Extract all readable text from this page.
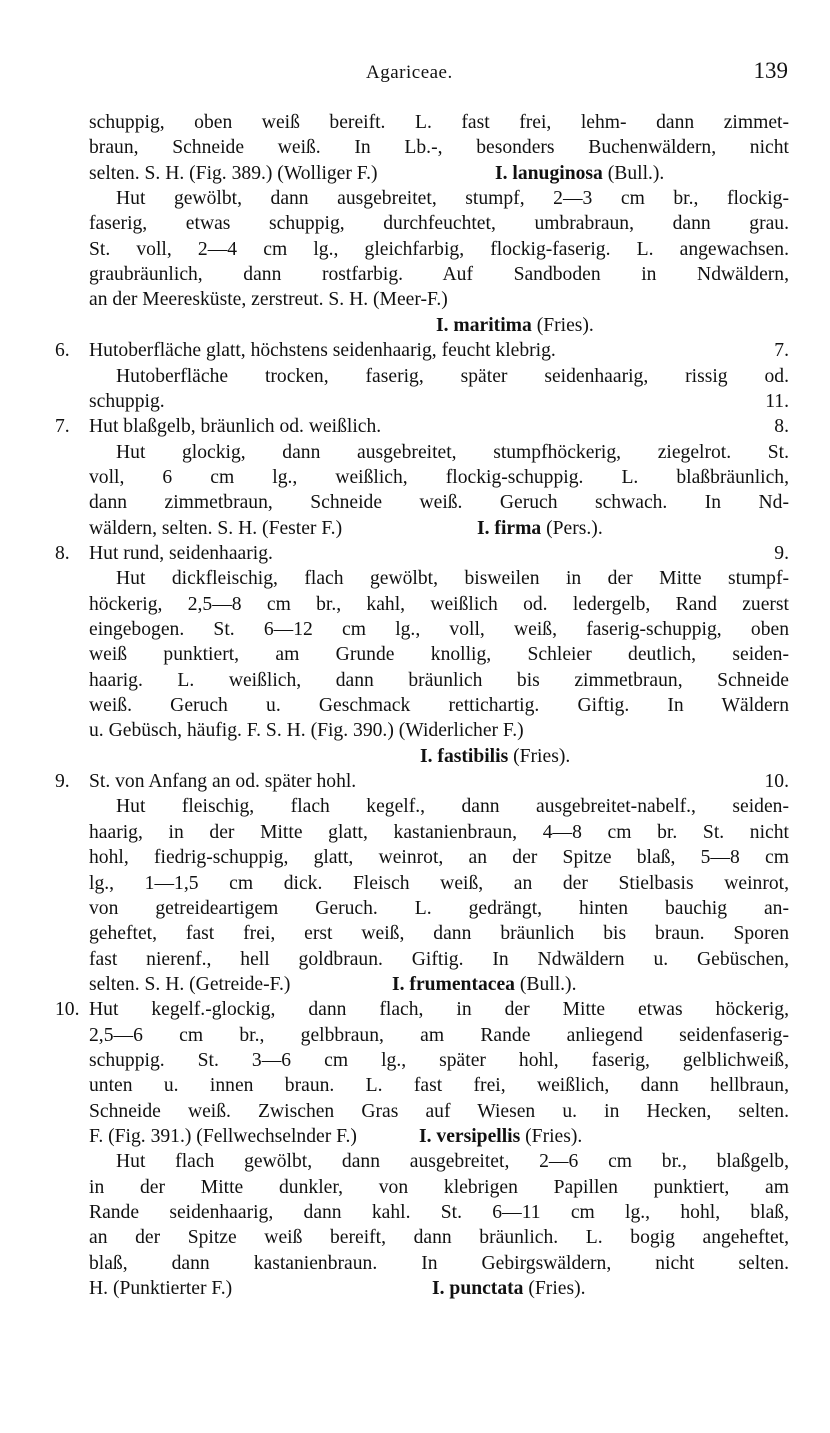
Agariceae.	139
schuppig, oben weiß bereift. L. fast frei, lehm- dann zimmet-
braun, Schneide weiß. In Lb.-, besonders Buchenwäldern, nicht
selten. S. H. (Fig. 389.) (Wolliger F.)	I. lanuginosa (Bull.).
Hut gewölbt, dann ausgebreitet, stumpf, 2—3 cm br., flockig-
faserig, etwas schuppig, durchfeuchtet, umbrabraun, dann grau.
St. voll, 2—4 cm lg., gleichfarbig, flockig-faserig. L. angewachsen.
graubräunlich, dann rostfarbig. Auf Sandboden in Ndwäldern,
an der Meeresküste, zerstreut. S. H. (Meer-F.)
I. maritima (Fries).
6. Hutoberfläche glatt, höchstens seidenhaarig, feucht klebrig.	7.
Hutoberfläche trocken, faserig, später seidenhaarig, rissig od.
schuppig.	11.
7. Hut blaßgelb, bräunlich od. weißlich.	8.
Hut glockig, dann ausgebreitet, stumpfhöckerig, ziegelrot. St.
voll, 6 cm lg., weißlich, flockig-schuppig. L. blaßbräunlich,
dann zimmetbraun, Schneide weiß. Geruch schwach. In Nd-
wäldern, selten. S. H. (Fester F.)	I. firma (Pers.).
8. Hut rund, seidenhaarig.	9.
Hut dickfleischig, flach gewölbt, bisweilen in der Mitte stumpf-
höckerig, 2,5—8 cm br., kahl, weißlich od. ledergelb, Rand zuerst
eingebogen. St. 6—12 cm lg., voll, weiß, faserig-schuppig, oben
weiß punktiert, am Grunde knollig, Schleier deutlich, seiden-
haarig. L. weißlich, dann bräunlich bis zimmetbraun, Schneide
weiß. Geruch u. Geschmack rettichartig. Giftig. In Wäldern
u. Gebüsch, häufig. F. S. H. (Fig. 390.) (Widerlicher F.)
I. fastibilis (Fries).
9. St. von Anfang an od. später hohl.	10.
Hut fleischig, flach kegelf., dann ausgebreitet-nabelf., seiden-
haarig, in der Mitte glatt, kastanienbraun, 4—8 cm br. St. nicht
hohl, fiedrig-schuppig, glatt, weinrot, an der Spitze blaß, 5—8 cm
lg., 1—1,5 cm dick. Fleisch weiß, an der Stielbasis weinrot,
von getreideartigem Geruch. L. gedrängt, hinten bauchig an-
geheftet, fast frei, erst weiß, dann bräunlich bis braun. Sporen
fast nierenf., hell goldbraun. Giftig. In Ndwäldern u. Gebüschen,
selten. S. H. (Getreide-F.)	I. frumentacea (Bull.).
10. Hut kegelf.-glockig, dann flach, in der Mitte etwas höckerig,
2,5—6 cm br., gelbbraun, am Rande anliegend seidenfaserig-
schuppig. St. 3—6 cm lg., später hohl, faserig, gelblichweiß,
unten u. innen braun. L. fast frei, weißlich, dann hellbraun,
Schneide weiß. Zwischen Gras auf Wiesen u. in Hecken, selten.
F. (Fig. 391.) (Fellwechselnder F.)	I. versipellis (Fries).
Hut flach gewölbt, dann ausgebreitet, 2—6 cm br., blaßgelb,
in der Mitte dunkler, von klebrigen Papillen punktiert, am
Rande seidenhaarig, dann kahl. St. 6—11 cm lg., hohl, blaß,
an der Spitze weiß bereift, dann bräunlich. L. bogig angeheftet,
blaß, dann kastanienbraun. In Gebirgswäldern, nicht selten.
H. (Punktierter F.)	I. punctata (Fries).
